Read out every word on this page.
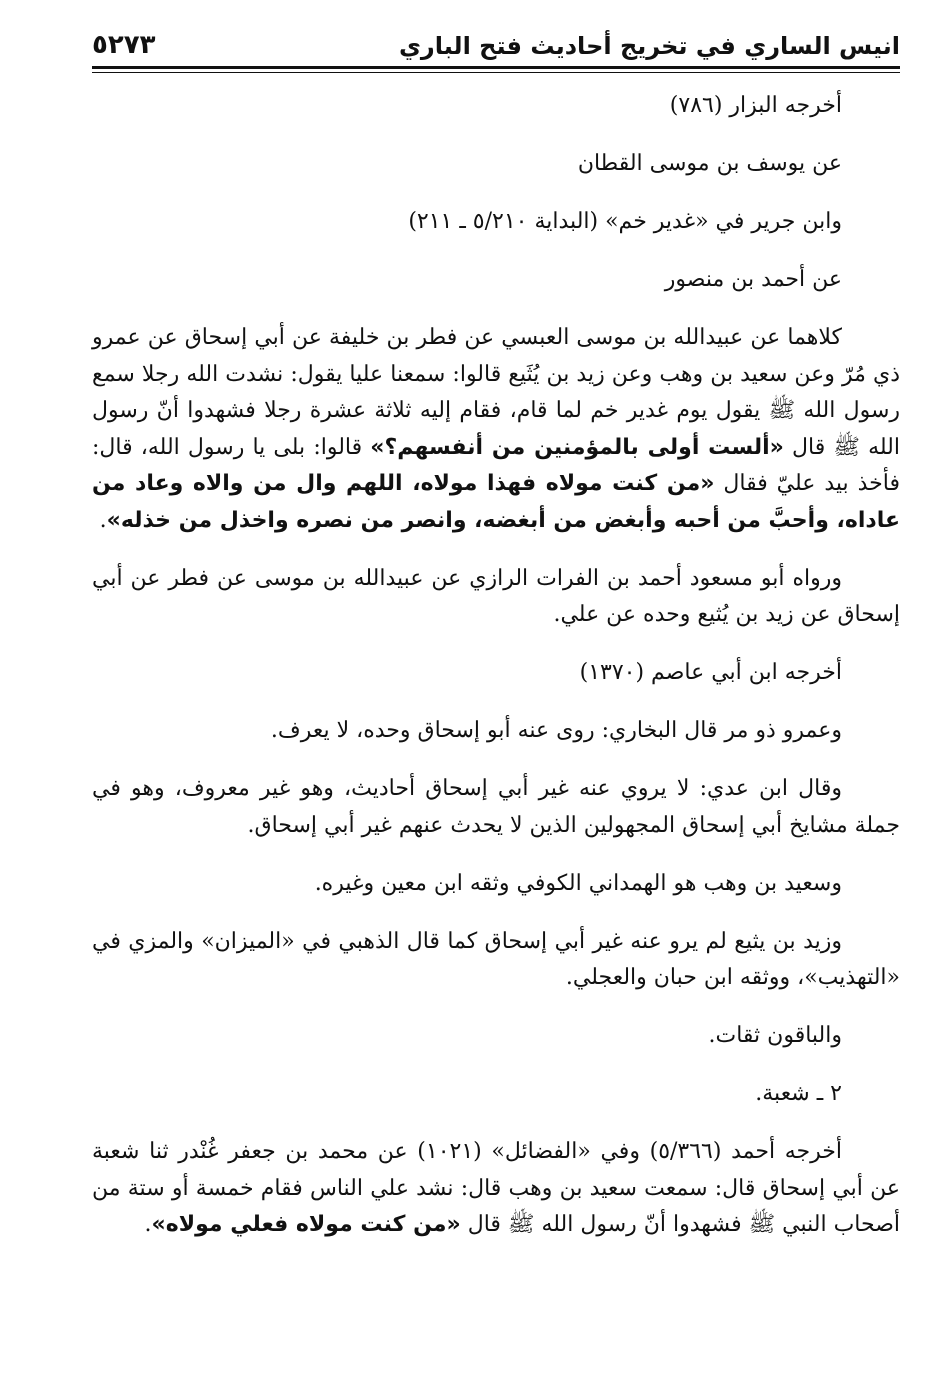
انيس الساري في تخريج أحاديث فتح الباري
٥٢٧٣

أخرجه البزار (٧٨٦)

عن يوسف بن موسى القطان

وابن جرير في «غدير خم» (البداية ٥/٢١٠ ـ ٢١١)

عن أحمد بن منصور

كلاهما عن عبيدالله بن موسى العبسي عن فطر بن خليفة عن أبي إسحاق عن عمرو ذي مُرّ وعن سعيد بن وهب وعن زيد بن يُثَيع قالوا: سمعنا عليا يقول: نشدت الله رجلا سمع رسول الله ﷺ يقول يوم غدير خم لما قام، فقام إليه ثلاثة عشرة رجلا فشهدوا أنّ رسول الله ﷺ قال «ألست أولى بالمؤمنين من أنفسهم؟» قالوا: بلى يا رسول الله، قال: فأخذ بيد عليّ فقال «من كنت مولاه فهذا مولاه، اللهم وال من والاه وعاد من عاداه، وأحبَّ من أحبه وأبغض من أبغضه، وانصر من نصره واخذل من خذله».

ورواه أبو مسعود أحمد بن الفرات الرازي عن عبيدالله بن موسى عن فطر عن أبي إسحاق عن زيد بن يُثيع وحده عن علي.

أخرجه ابن أبي عاصم (١٣٧٠)

وعمرو ذو مر قال البخاري: روى عنه أبو إسحاق وحده، لا يعرف.

وقال ابن عدي: لا يروي عنه غير أبي إسحاق أحاديث، وهو غير معروف، وهو في جملة مشايخ أبي إسحاق المجهولين الذين لا يحدث عنهم غير أبي إسحاق.

وسعيد بن وهب هو الهمداني الكوفي وثقه ابن معين وغيره.

وزيد بن يثيع لم يرو عنه غير أبي إسحاق كما قال الذهبي في «الميزان» والمزي في «التهذيب»، ووثقه ابن حبان والعجلي.

والباقون ثقات.

٢ ـ شعبة.

أخرجه أحمد (٥/٣٦٦) وفي «الفضائل» (١٠٢١) عن محمد بن جعفر غُنْدر ثنا شعبة عن أبي إسحاق قال: سمعت سعيد بن وهب قال: نشد علي الناس فقام خمسة أو ستة من أصحاب النبي ﷺ فشهدوا أنّ رسول الله ﷺ قال «من كنت مولاه فعلي مولاه».
